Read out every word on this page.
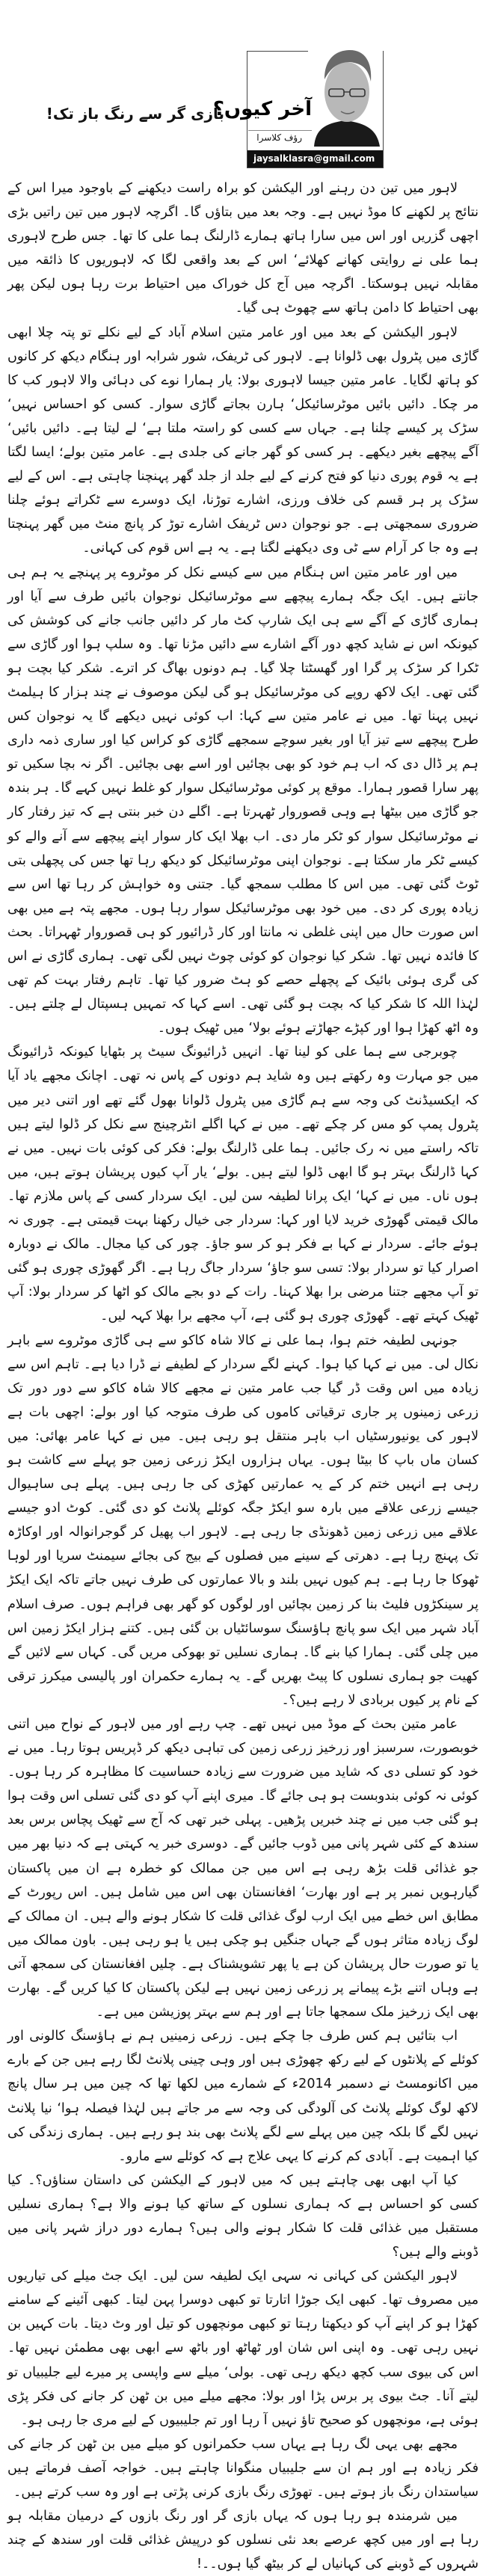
آخر کیوں؟
رؤف کلاسرا
jaysalklasra@gmail.com
بازی گر سے رنگ باز تک!

لاہور میں تین دن رہنے اور الیکشن کو براہ راست دیکھنے کے باوجود میرا اس کے نتائج پر لکھنے کا موڈ نہیں ہے۔ وجہ بعد میں بتاؤں گا۔ اگرچہ لاہور میں تین راتیں بڑی اچھی گزریں اور اس میں سارا ہاتھ ہمارے ڈارلنگ ہما علی کا تھا۔ جس طرح لاہوری ہما علی نے روایتی کھانے کھلائے‘ اس کے بعد واقعی لگا کہ لاہوریوں کا ذائقہ میں مقابلہ نہیں ہوسکتا۔ اگرچہ میں آج کل خوراک میں احتیاط برت رہا ہوں لیکن پھر بھی احتیاط کا دامن ہاتھ سے چھوٹ ہی گیا۔

لاہور الیکشن کے بعد میں اور عامر متین اسلام آباد کے لیے نکلے تو پتہ چلا ابھی گاڑی میں پٹرول بھی ڈلوانا ہے۔ لاہور کی ٹریفک، شور شرابہ اور ہنگام دیکھ کر کانوں کو ہاتھ لگایا۔ عامر متین جیسا لاہوری بولا: یار ہمارا نوے کی دہائی والا لاہور کب کا مر چکا۔ دائیں بائیں موٹرسائیکل‘ ہارن بجاتے گاڑی سوار۔ کسی کو احساس نہیں‘ سڑک پر کیسے چلنا ہے۔ جہاں سے کسی کو راستہ ملتا ہے‘ لے لیتا ہے۔ دائیں بائیں‘ آگے پیچھے بغیر دیکھے۔ ہر کسی کو گھر جانے کی جلدی ہے۔ عامر متین بولے؛ ایسا لگتا ہے یہ قوم پوری دنیا کو فتح کرنے کے لیے جلد از جلد گھر پہنچنا چاہتی ہے۔ اس کے لیے سڑک پر ہر قسم کی خلاف ورزی، اشارے توڑنا، ایک دوسرے سے ٹکراتے ہوئے چلنا ضروری سمجھتی ہے۔ جو نوجوان دس ٹریفک اشارے توڑ کر پانچ منٹ میں گھر پہنچتا ہے وہ جا کر آرام سے ٹی وی دیکھنے لگتا ہے۔ یہ ہے اس قوم کی کہانی۔

میں اور عامر متین اس ہنگام میں سے کیسے نکل کر موٹروے پر پہنچے یہ ہم ہی جانتے ہیں۔ ایک جگہ ہمارے پیچھے سے موٹرسائیکل نوجوان بائیں طرف سے آیا اور ہماری گاڑی کے آگے سے ہی ایک شارپ کٹ مار کر دائیں جانب جانے کی کوشش کی کیونکہ اس نے شاید کچھ دور آگے اشارے سے دائیں مڑنا تھا۔ وہ سلپ ہوا اور گاڑی سے ٹکرا کر سڑک پر گرا اور گھسٹتا چلا گیا۔ ہم دونوں بھاگ کر اترے۔ شکر کیا بچت ہو گئی تھی۔ ایک لاکھ روپے کی موٹرسائیکل ہو گی لیکن موصوف نے چند ہزار کا ہیلمٹ نہیں پہنا تھا۔ میں نے عامر متین سے کہا: اب کوئی نہیں دیکھے گا یہ نوجوان کس طرح پیچھے سے تیز آیا اور بغیر سوچے سمجھے گاڑی کو کراس کیا اور ساری ذمہ داری ہم پر ڈال دی کہ اب ہم خود کو بھی بچائیں اور اسے بھی بچائیں۔ اگر نہ بچا سکیں تو پھر سارا قصور ہمارا۔ موقع پر کوئی موٹرسائیکل سوار کو غلط نہیں کہے گا۔ ہر بندہ جو گاڑی میں بیٹھا ہے وہی قصوروار ٹھہرتا ہے۔ اگلے دن خبر بنتی ہے کہ تیز رفتار کار نے موٹرسائیکل سوار کو ٹکر مار دی۔ اب بھلا ایک کار سوار اپنے پیچھے سے آنے والے کو کیسے ٹکر مار سکتا ہے۔ نوجوان اپنی موٹرسائیکل کو دیکھ رہا تھا جس کی پچھلی بتی ٹوٹ گئی تھی۔ میں اس کا مطلب سمجھ گیا۔ جتنی وہ خواہش کر رہا تھا اس سے زیادہ پوری کر دی۔ میں خود بھی موٹرسائیکل سوار رہا ہوں۔ مجھے پتہ ہے میں بھی اس صورت حال میں اپنی غلطی نہ مانتا اور کار ڈرائیور کو ہی قصوروار ٹھہراتا۔ بحث کا فائدہ نہیں تھا۔ شکر کیا نوجوان کو کوئی چوٹ نہیں لگی تھی۔ ہماری گاڑی نے اس کی گری ہوئی بائیک کے پچھلے حصے کو ہٹ ضرور کیا تھا۔ تاہم رفتار بہت کم تھی لہٰذا اللہ کا شکر کیا کہ بچت ہو گئی تھی۔ اسے کہا کہ تمہیں ہسپتال لے چلتے ہیں۔ وہ اٹھ کھڑا ہوا اور کپڑے جھاڑتے ہوئے بولا‘ میں ٹھیک ہوں۔

چوبرجی سے ہما علی کو لینا تھا۔ انہیں ڈرائیونگ سیٹ پر بٹھایا کیونکہ ڈرائیونگ میں جو مہارت وہ رکھتے ہیں وہ شاید ہم دونوں کے پاس نہ تھی۔ اچانک مجھے یاد آیا کہ ایکسیڈنٹ کی وجہ سے ہم گاڑی میں پٹرول ڈلوانا بھول گئے تھے اور اتنی دیر میں پٹرول پمپ کو مس کر چکے تھے۔ میں نے کہا اگلے انٹرچینج سے نکل کر ڈلوا لیتے ہیں تاکہ راستے میں نہ رک جائیں۔ ہما علی ڈارلنگ بولے: فکر کی کوئی بات نہیں۔ میں نے کہا ڈارلنگ بہتر ہو گا ابھی ڈلوا لیتے ہیں۔ بولے‘ یار آپ کیوں پریشان ہوتے ہیں، میں ہوں ناں۔ میں نے کہا‘ ایک پرانا لطیفہ سن لیں۔ ایک سردار کسی کے پاس ملازم تھا۔ مالک قیمتی گھوڑی خرید لایا اور کہا: سردار جی خیال رکھنا بہت قیمتی ہے۔ چوری نہ ہوئے جائے۔ سردار نے کہا بے فکر ہو کر سو جاؤ۔ چور کی کیا مجال۔ مالک نے دوبارہ اصرار کیا تو سردار بولا: تسی سو جاؤ‘ سردار جاگ رہا ہے۔ اگر گھوڑی چوری ہو گئی تو آپ مجھے جتنا مرضی برا بھلا کہنا۔ رات کے دو بجے مالک کو اٹھا کر سردار بولا: آپ ٹھیک کہتے تھے۔ گھوڑی چوری ہو گئی ہے، آپ مجھے برا بھلا کہہ لیں۔

جونہی لطیفہ ختم ہوا، ہما علی نے کالا شاہ کاکو سے ہی گاڑی موٹروے سے باہر نکال لی۔ میں نے کہا کیا ہوا۔ کہنے لگے سردار کے لطیفے نے ڈرا دیا ہے۔ تاہم اس سے زیادہ میں اس وقت ڈر گیا جب عامر متین نے مجھے کالا شاہ کاکو سے دور دور تک زرعی زمینوں پر جاری ترقیاتی کاموں کی طرف متوجہ کیا اور بولے: اچھی بات ہے لاہور کی یونیورسٹیاں اب باہر منتقل ہو رہی ہیں۔ میں نے کہا عامر بھائی: میں کسان ماں باپ کا بیٹا ہوں۔ یہاں ہزاروں ایکڑ زرعی زمین جو پہلے سے کاشت ہو رہی ہے انہیں ختم کر کے یہ عمارتیں کھڑی کی جا رہی ہیں۔ پہلے ہی ساہیوال جیسے زرعی علاقے میں بارہ سو ایکڑ جگہ کوئلے پلانٹ کو دی گئی۔ کوٹ ادو جیسے علاقے میں زرعی زمین ڈھونڈی جا رہی ہے۔ لاہور اب پھیل کر گوجرانوالہ اور اوکاڑہ تک پہنچ رہا ہے۔ دھرتی کے سینے میں فصلوں کے بیج کی بجائے سیمنٹ سریا اور لوہا ٹھوکا جا رہا ہے۔ ہم کیوں نہیں بلند و بالا عمارتوں کی طرف نہیں جاتے تاکہ ایک ایکڑ پر سینکڑوں فلیٹ بنا کر زمین بچائیں اور لوگوں کو گھر بھی فراہم ہوں۔ صرف اسلام آباد شہر میں ایک سو پانچ ہاؤسنگ سوسائٹیاں بن گئی ہیں۔ کتنے ہزار ایکڑ زمین اس میں چلی گئی۔ ہمارا کیا بنے گا۔ ہماری نسلیں تو بھوکی مریں گی۔ کہاں سے لائیں گے کھیت جو ہماری نسلوں کا پیٹ بھریں گے۔ یہ ہمارے حکمران اور پالیسی میکرز ترقی کے نام پر کیوں بربادی لا رہے ہیں؟۔

عامر متین بحث کے موڈ میں نہیں تھے۔ چپ رہے اور میں لاہور کے نواح میں اتنی خوبصورت، سرسبز اور زرخیز زرعی زمین کی تباہی دیکھ کر ڈپریس ہوتا رہا۔ میں نے خود کو تسلی دی کہ شاید میں ضرورت سے زیادہ حساسیت کا مظاہرہ کر رہا ہوں۔ کوئی نہ کوئی بندوبست ہو ہی جائے گا۔ میری اپنے آپ کو دی گئی تسلی اس وقت ہوا ہو گئی جب میں نے چند خبریں پڑھیں۔ پہلی خبر تھی کہ آج سے ٹھیک پچاس برس بعد سندھ کے کئی شہر پانی میں ڈوب جائیں گے۔ دوسری خبر یہ کہتی ہے کہ دنیا بھر میں جو غذائی قلت بڑھ رہی ہے اس میں جن ممالک کو خطرہ ہے ان میں پاکستان گیارہویں نمبر پر ہے اور بھارت‘ افغانستان بھی اس میں شامل ہیں۔ اس رپورٹ کے مطابق اس خطے میں ایک ارب لوگ غذائی قلت کا شکار ہونے والے ہیں۔ ان ممالک کے لوگ زیادہ متاثر ہوں گے جہاں جنگیں ہو چکی ہیں یا ہو رہی ہیں۔ باون ممالک میں یا تو صورت حال پریشان کن ہے یا پھر تشویشناک ہے۔ چلیں افغانستان کی سمجھ آتی ہے وہاں اتنے بڑے پیمانے پر زرعی زمین نہیں ہے لیکن پاکستان کا کیا کریں گے۔ بھارت بھی ایک زرخیز ملک سمجھا جاتا ہے اور ہم سے بہتر پوزیشن میں ہے۔

اب بتائیں ہم کس طرف جا چکے ہیں۔ زرعی زمینیں ہم نے ہاؤسنگ کالونی اور کوئلے کے پلانٹوں کے لیے رکھ چھوڑی ہیں اور وہی چینی پلانٹ لگا رہے ہیں جن کے بارے میں اکانومسٹ نے دسمبر 2014ء کے شمارے میں لکھا تھا کہ چین میں ہر سال پانچ لاکھ لوگ کوئلے پلانٹ کی آلودگی کی وجہ سے مر جاتے ہیں لہٰذا فیصلہ ہوا‘ نیا پلانٹ نہیں لگے گا بلکہ چین میں پہلے سے لگے پلانٹ بھی بند ہو رہے ہیں۔ ہماری زندگی کی کیا اہمیت ہے۔ آبادی کم کرنے کا یہی علاج ہے کہ کوئلے سے مارو۔

کیا آپ ابھی بھی چاہتے ہیں کہ میں لاہور کے الیکشن کی داستان سناؤں؟۔ کیا کسی کو احساس ہے کہ ہماری نسلوں کے ساتھ کیا ہونے والا ہے؟ ہماری نسلیں مستقبل میں غذائی قلت کا شکار ہونے والی ہیں؟ ہمارے دور دراز شہر پانی میں ڈوبنے والے ہیں؟

لاہور الیکشن کی کہانی نہ سہی ایک لطیفہ سن لیں۔ ایک جٹ میلے کی تیاریوں میں مصروف تھا۔ کبھی ایک جوڑا اتارتا تو کبھی دوسرا پہن لیتا۔ کبھی آئینے کے سامنے کھڑا ہو کر اپنے آپ کو دیکھتا رہتا تو کبھی مونچھوں کو تیل اور وٹ دیتا۔ بات کہیں بن نہیں رہی تھی۔ وہ اپنی اس شان اور ٹھاٹھ اور باٹھ سے ابھی بھی مطمئن نہیں تھا۔ اس کی بیوی سب کچھ دیکھ رہی تھی۔ بولی‘ میلے سے واپسی پر میرے لیے جلیبیاں تو لیتے آنا۔ جٹ بیوی پر برس پڑا اور بولا: مجھے میلے میں بن ٹھن کر جانے کی فکر پڑی ہوئی ہے، مونچھوں کو صحیح تاؤ نہیں آ رہا اور تم جلیبیوں کے لیے مری جا رہی ہو۔

مجھے بھی یہی لگ رہا ہے یہاں سب حکمرانوں کو میلے میں بن ٹھن کر جانے کی فکر زیادہ ہے اور ہم ان سے جلیبیاں منگوانا چاہتے ہیں۔ خواجہ آصف فرماتے ہیں سیاستدان رنگ باز ہوتے ہیں۔ تھوڑی رنگ بازی کرنی پڑتی ہے اور وہ سب کرتے ہیں۔

میں شرمندہ ہو رہا ہوں کہ یہاں بازی گر اور رنگ بازوں کے درمیان مقابلہ ہو رہا ہے اور میں کچھ عرصے بعد نئی نسلوں کو درپیش غذائی قلت اور سندھ کے چند شہروں کے ڈوبنے کی کہانیاں لے کر بیٹھ گیا ہوں۔۔!
